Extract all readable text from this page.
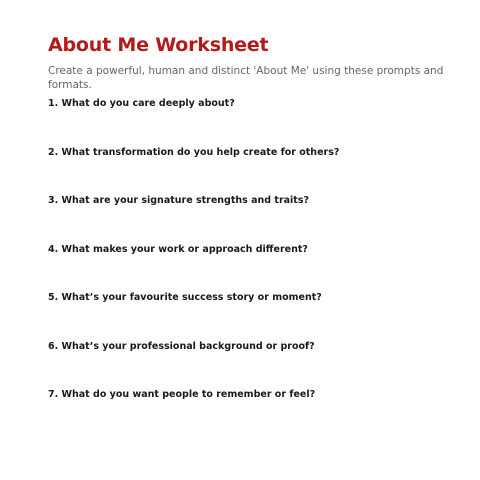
About Me Worksheet

Create a powerful, human and distinct 'About Me' using these prompts and formats.

1. What do you care deeply about?
2. What transformation do you help create for others?
3. What are your signature strengths and traits?
4. What makes your work or approach different?
5. What’s your favourite success story or moment?
6. What’s your professional background or proof?
7. What do you want people to remember or feel?
